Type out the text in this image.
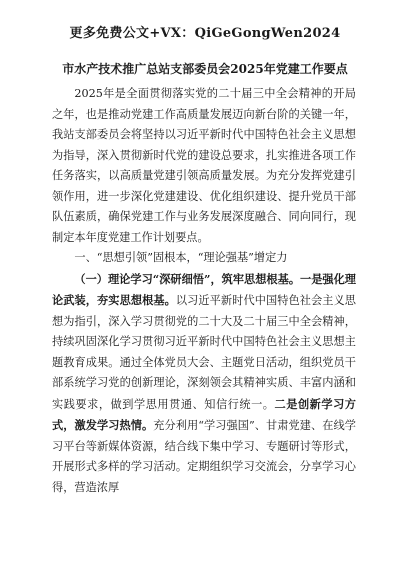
更多免费公文+VX：QiGeGongWen2024
市水产技术推广总站支部委员会2025年党建工作要点

2025年是全面贯彻落实党的二十届三中全会精神的开局之年，也是推动党建工作高质量发展迈向新台阶的关键一年，我站支部委员会将坚持以习近平新时代中国特色社会主义思想为指导，深入贯彻新时代党的建设总要求，扎实推进各项工作任务落实，以高质量党建引领高质量发展。为充分发挥党建引领作用，进一步深化党建建设、优化组织建设、提升党员干部队伍素质，确保党建工作与业务发展深度融合、同向同行，现制定本年度党建工作计划要点。

一、“思想引领”固根本，“理论强基”增定力

（一）理论学习“深研细悟”，筑牢思想根基。一是强化理论武装，夯实思想根基。以习近平新时代中国特色社会主义思想为指引，深入学习贯彻党的二十大及二十届三中全会精神，持续巩固深化学习贯彻习近平新时代中国特色社会主义思想主题教育成果。通过全体党员大会、主题党日活动，组织党员干部系统学习党的创新理论，深刻领会其精神实质、丰富内涵和实践要求，做到学思用贯通、知信行统一。二是创新学习方式，激发学习热情。充分利用“学习强国”、甘肃党建、在线学习平台等新媒体资源，结合线下集中学习、专题研讨等形式，开展形式多样的学习活动。定期组织学习交流会，分享学习心得，营造浓厚
